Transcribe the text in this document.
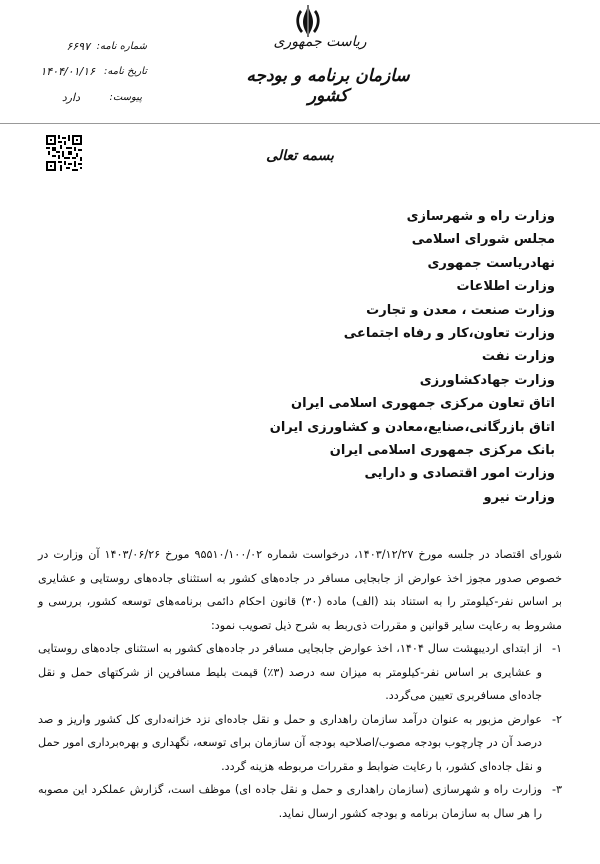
ریاست جمهوری
سازمان برنامه و بودجه کشور
شماره نامه:
۶۶۹۷
تاریخ نامه:
۱۴۰۴/۰۱/۱۶
پیوست:
دارد
بسمه تعالی
وزارت راه و شهرسازی
مجلس شورای اسلامی
نهادریاست جمهوری
وزارت اطلاعات
وزارت صنعت ، معدن و تجارت
وزارت تعاون،کار و رفاه اجتماعی
وزارت نفت
وزارت جهادکشاورزی
اتاق تعاون مرکزی جمهوری اسلامی ایران
اتاق بازرگانی،صنایع،معادن و کشاورزی ایران
بانک مرکزی جمهوری اسلامی ایران
وزارت امور اقتصادی و دارایی
وزارت نیرو

شورای اقتصاد در جلسه مورخ ۱۴۰۳/۱۲/۲۷، درخواست شماره ۹۵۵۱۰/۱۰۰/۰۲ مورخ ۱۴۰۳/۰۶/۲۶ آن وزارت در خصوص صدور مجوز اخذ عوارض از جابجایی مسافر در جاده‌های کشور به استثنای جاده‌های روستایی و عشایری بر اساس نفر-کیلومتر را به استناد بند (الف) ماده (۳۰) قانون احکام دائمی برنامه‌های توسعه کشور، بررسی و مشروط به رعایت سایر قوانین و مقررات ذی‌ربط به شرح ذیل تصویب نمود:

۱-
از ابتدای اردیبهشت سال ۱۴۰۴، اخذ عوارض جابجایی مسافر در جاده‌های کشور به استثنای جاده‌های روستایی و عشایری بر اساس نفر-کیلومتر به میزان سه درصد (۳٪) قیمت بلیط مسافرین از شرکتهای حمل و نقل جاده‌ای مسافربری تعیین می‌گردد.

۲-
عوارض مزبور به عنوان درآمد سازمان راهداری و حمل و نقل جاده‌ای نزد خزانه‌داری کل کشور واریز و صد درصد آن در چارچوب بودجه مصوب/اصلاحیه بودجه آن سازمان برای توسعه، نگهداری و بهره‌برداری امور حمل و نقل جاده‌ای کشور، با رعایت ضوابط و مقررات مربوطه هزینه گردد.

۳-
وزارت راه و شهرسازی (سازمان راهداری و حمل و نقل جاده ای) موظف است، گزارش عملکرد این مصوبه را هر سال به سازمان برنامه و بودجه کشور ارسال نماید.
